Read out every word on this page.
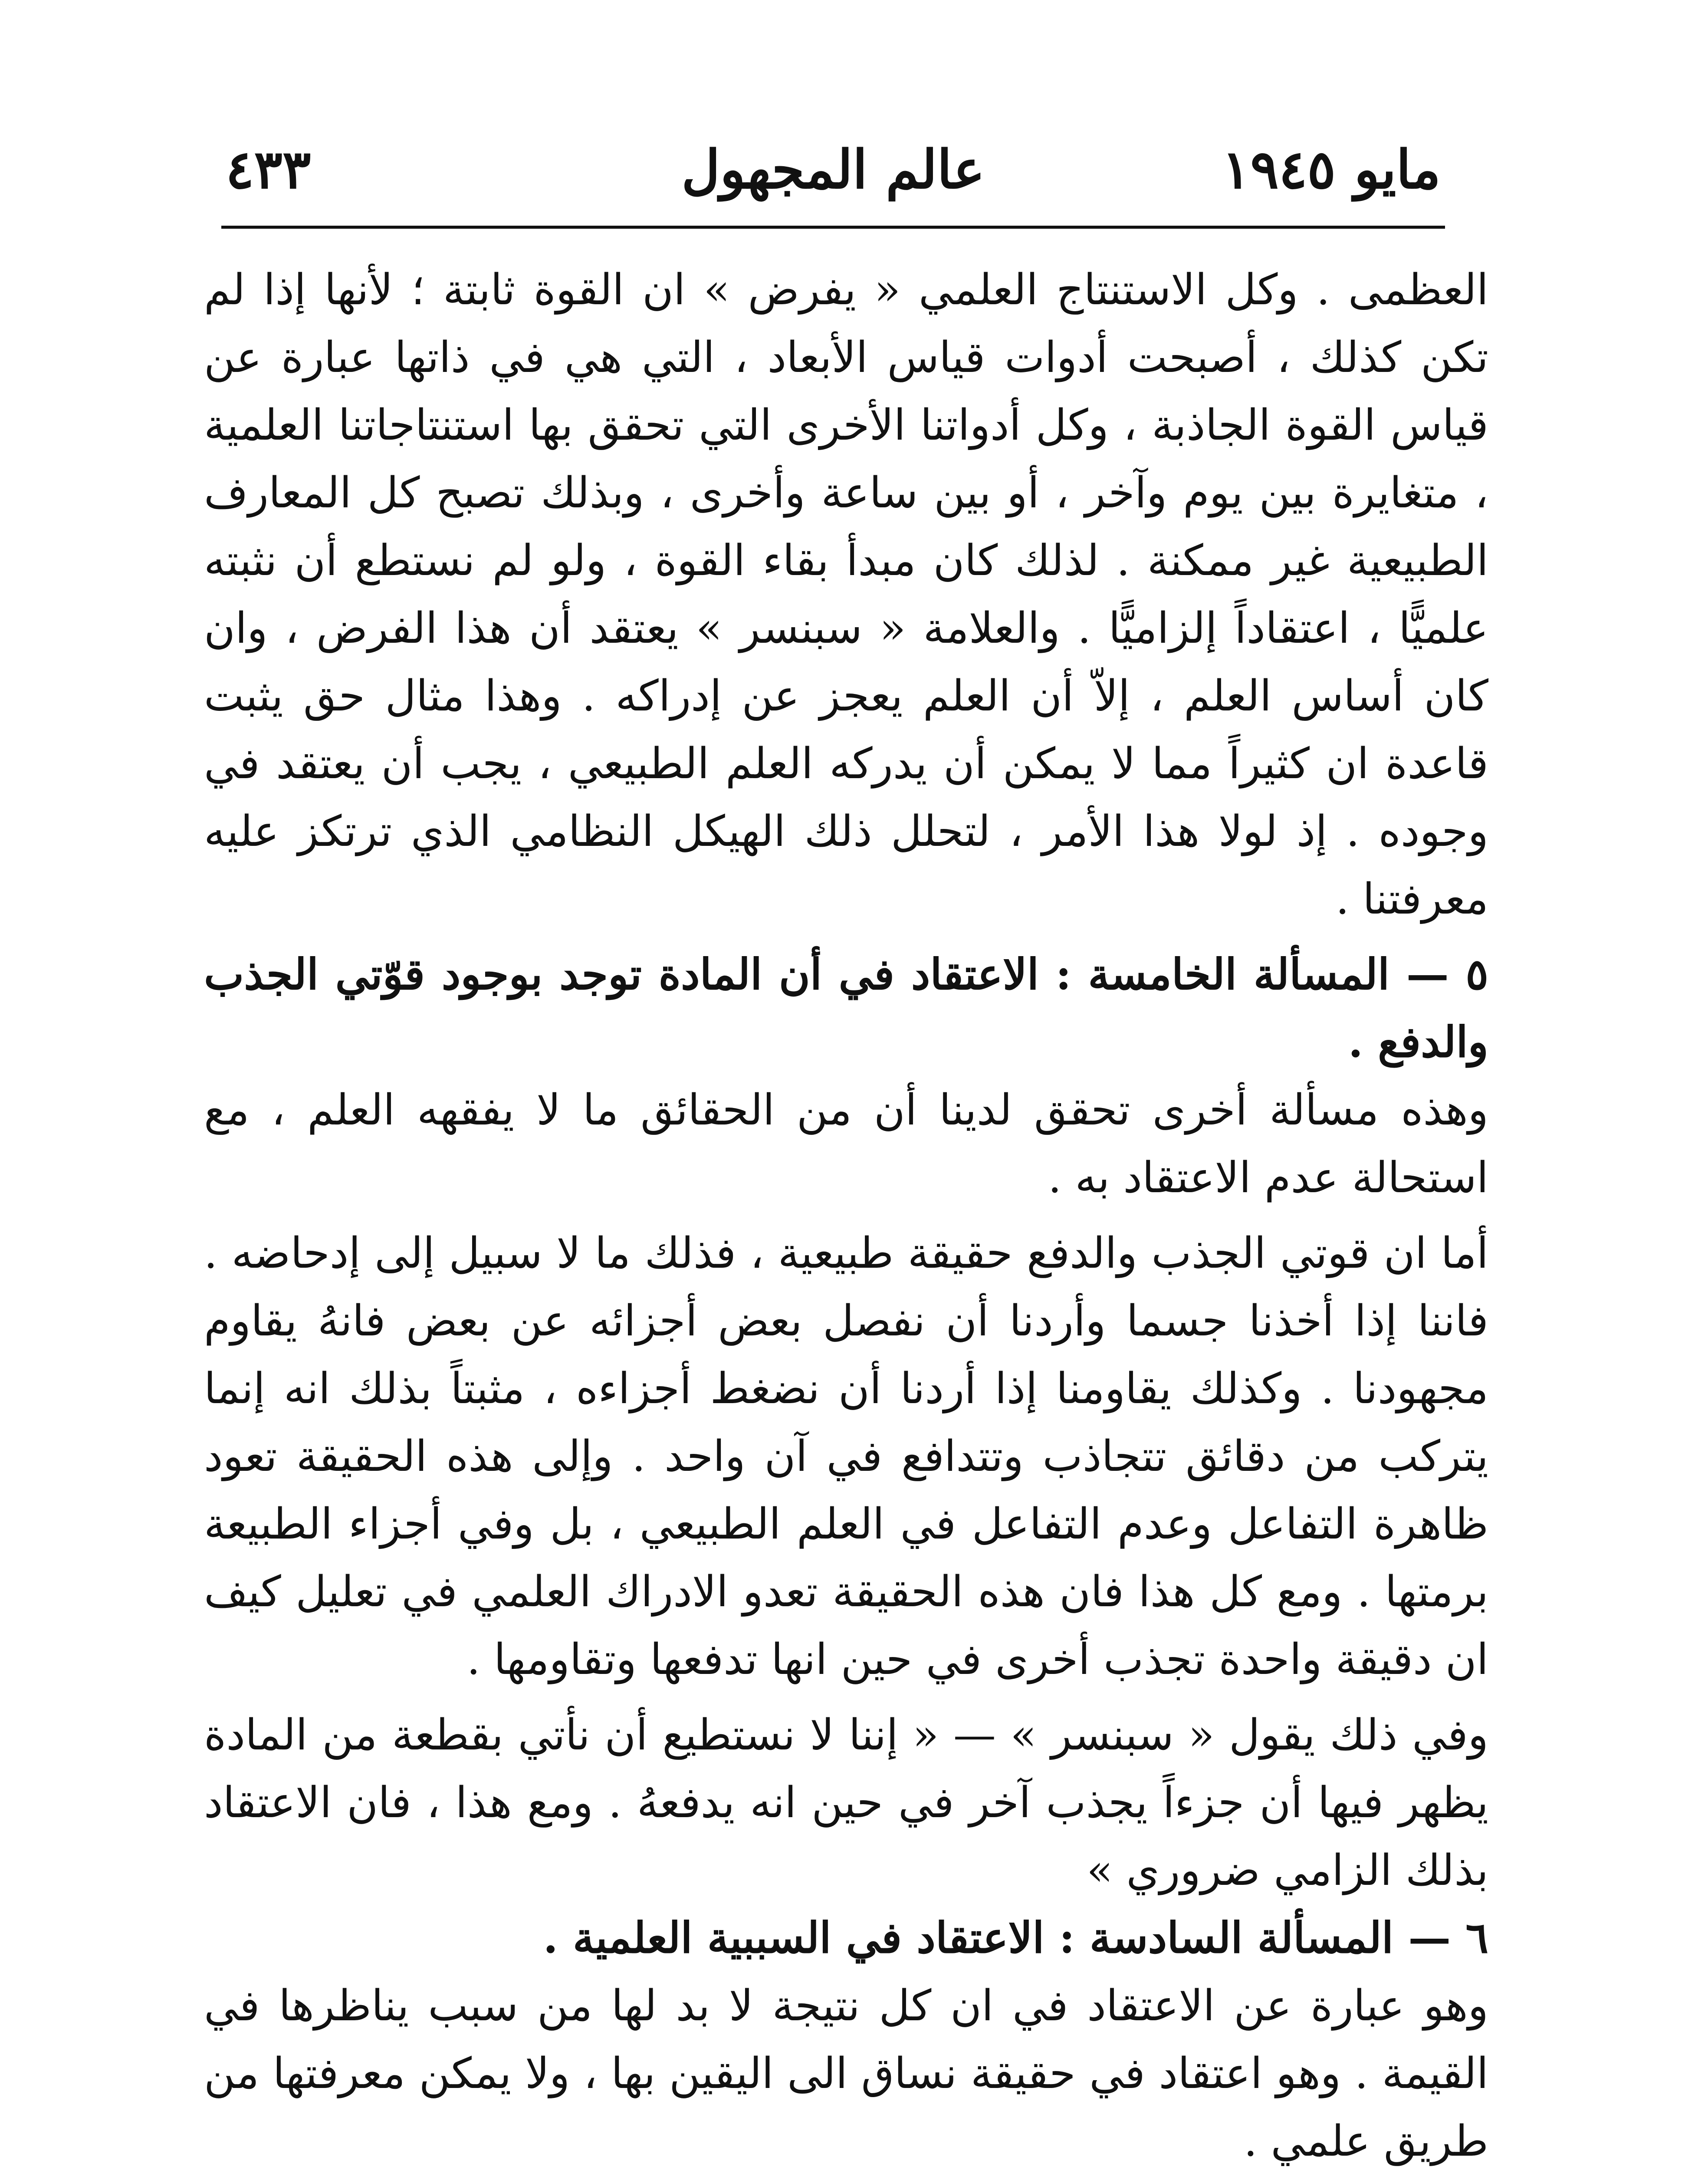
مايو ١٩٤٥
عالم المجهول
٤٣٣

العظمى . وكل الاستنتاج العلمي « يفرض » ان القوة ثابتة ؛ لأنها إذا لم تكن كذلك ، أصبحت أدوات قياس الأبعاد ، التي هي في ذاتها عبارة عن قياس القوة الجاذبة ، وكل أدواتنا الأخرى التي تحقق بها استنتاجاتنا العلمية ، متغايرة بين يوم وآخر ، أو بين ساعة وأخرى ، وبذلك تصبح كل المعارف الطبيعية غير ممكنة . لذلك كان مبدأ بقاء القوة ، ولو لم نستطع أن نثبته علميًّا ، اعتقاداً إلزاميًّا . والعلامة « سبنسر » يعتقد أن هذا الفرض ، وان كان أساس العلم ، إلاّ أن العلم يعجز عن إدراكه . وهذا مثال حق يثبت قاعدة ان كثيراً مما لا يمكن أن يدركه العلم الطبيعي ، يجب أن يعتقد في وجوده . إذ لولا هذا الأمر ، لتحلل ذلك الهيكل النظامي الذي ترتكز عليه معرفتنا .

٥ — المسألة الخامسة : الاعتقاد في أن المادة توجد بوجود قوّتي الجذب والدفع .

وهذه مسألة أخرى تحقق لدينا أن من الحقائق ما لا يفقهه العلم ، مع استحالة عدم الاعتقاد به .

أما ان قوتي الجذب والدفع حقيقة طبيعية ، فذلك ما لا سبيل إلى إدحاضه . فاننا إذا أخذنا جسما وأردنا أن نفصل بعض أجزائه عن بعض فانهُ يقاوم مجهودنا . وكذلك يقاومنا إذا أردنا أن نضغط أجزاءه ، مثبتاً بذلك انه إنما يتركب من دقائق تتجاذب وتتدافع في آن واحد . وإلى هذه الحقيقة تعود ظاهرة التفاعل وعدم التفاعل في العلم الطبيعي ، بل وفي أجزاء الطبيعة برمتها . ومع كل هذا فان هذه الحقيقة تعدو الادراك العلمي في تعليل كيف ان دقيقة واحدة تجذب أخرى في حين انها تدفعها وتقاومها .

وفي ذلك يقول « سبنسر » — « إننا لا نستطيع أن نأتي بقطعة من المادة يظهر فيها أن جزءاً يجذب آخر في حين انه يدفعهُ . ومع هذا ، فان الاعتقاد بذلك الزامي ضروري »

٦ — المسألة السادسة : الاعتقاد في السببية العلمية .

وهو عبارة عن الاعتقاد في ان كل نتيجة لا بد لها من سبب يناظرها في القيمة . وهو اعتقاد في حقيقة نساق الى اليقين بها ، ولا يمكن معرفتها من طريق علمي .
